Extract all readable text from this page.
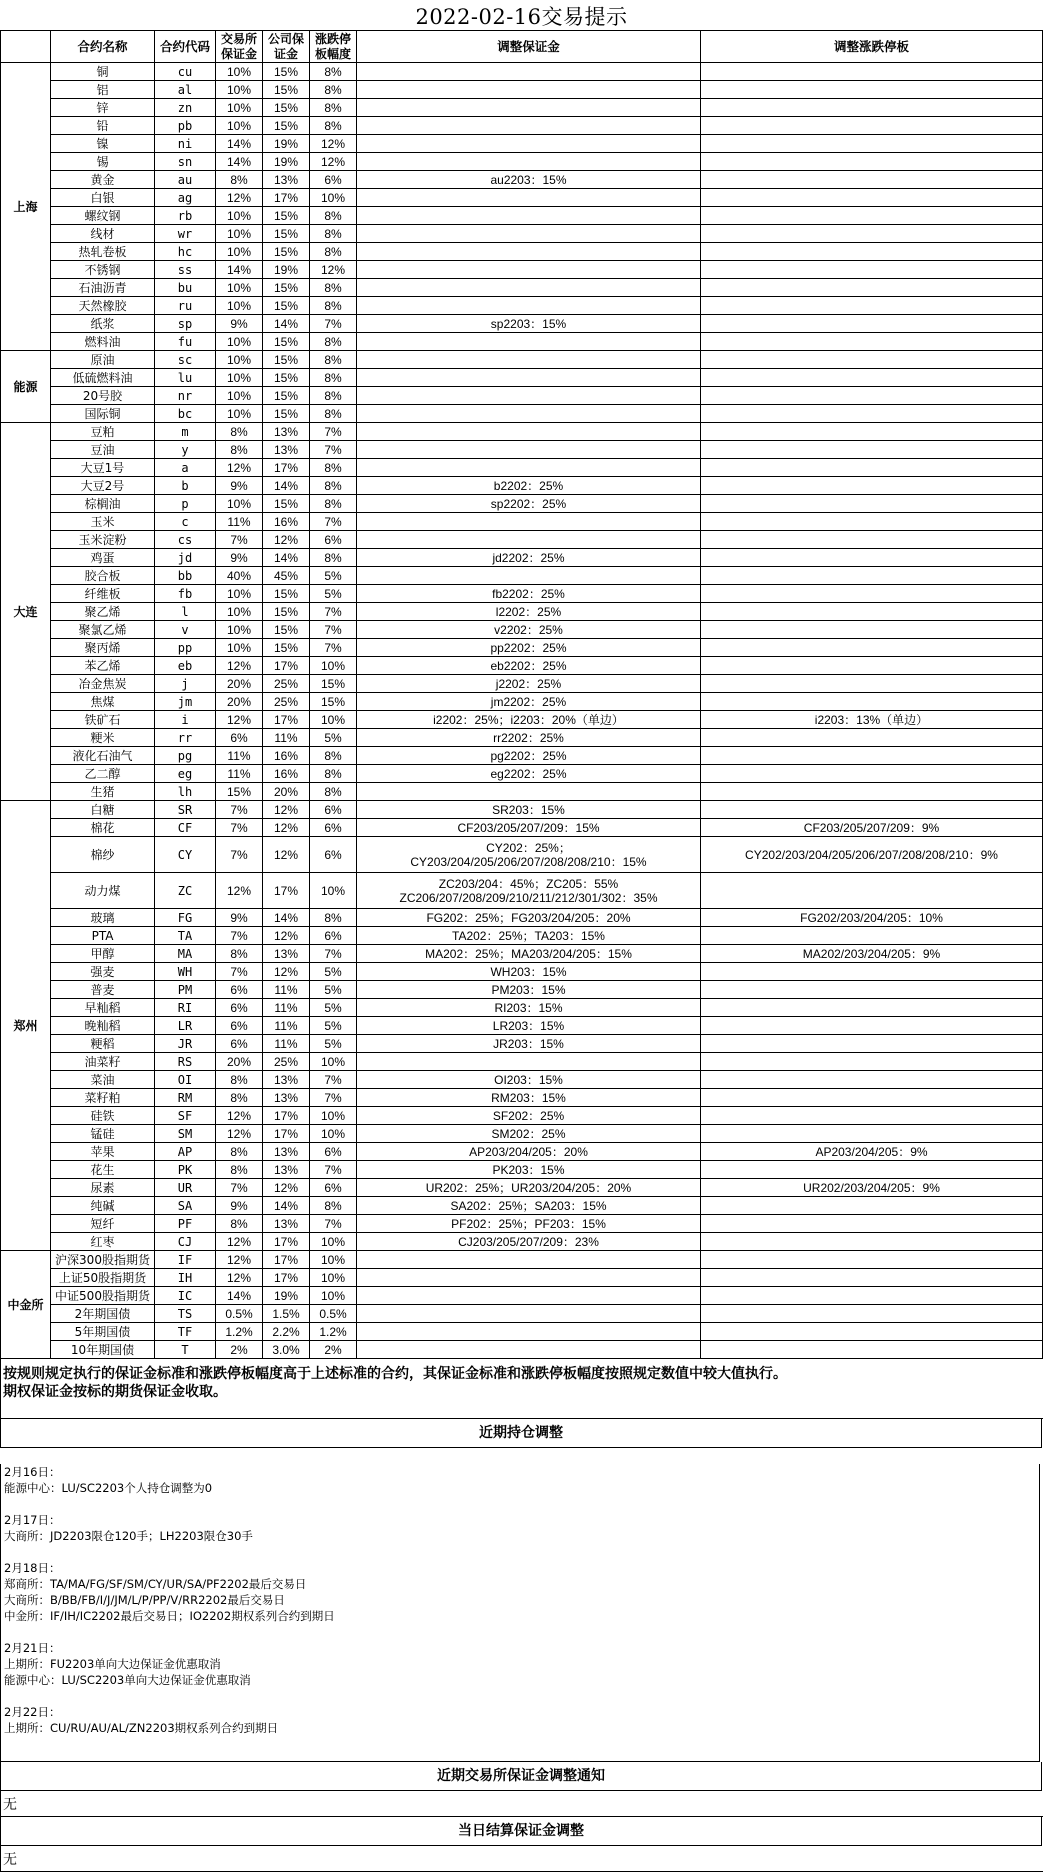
2022-02-16交易提示
	合约名称	合约代码	交易所保证金	公司保证金	涨跌停板幅度	调整保证金	调整涨跌停板
上海	铜	cu	10%	15%	8%		
	铝	al	10%	15%	8%		
	锌	zn	10%	15%	8%		
	铅	pb	10%	15%	8%		
	镍	ni	14%	19%	12%		
	锡	sn	14%	19%	12%		
	黄金	au	8%	13%	6%	au2203：15%	
	白银	ag	12%	17%	10%		
	螺纹钢	rb	10%	15%	8%		
	线材	wr	10%	15%	8%		
	热轧卷板	hc	10%	15%	8%		
	不锈钢	ss	14%	19%	12%		
	石油沥青	bu	10%	15%	8%		
	天然橡胶	ru	10%	15%	8%		
	纸浆	sp	9%	14%	7%	sp2203：15%	
	燃料油	fu	10%	15%	8%		
能源	原油	sc	10%	15%	8%		
	低硫燃料油	lu	10%	15%	8%		
	20号胶	nr	10%	15%	8%		
	国际铜	bc	10%	15%	8%		
大连	豆粕	m	8%	13%	7%		
	豆油	y	8%	13%	7%		
	大豆1号	a	12%	17%	8%		
	大豆2号	b	9%	14%	8%	b2202：25%	
	棕榈油	p	10%	15%	8%	sp2202：25%	
	玉米	c	11%	16%	7%		
	玉米淀粉	cs	7%	12%	6%		
	鸡蛋	jd	9%	14%	8%	jd2202：25%	
	胶合板	bb	40%	45%	5%		
	纤维板	fb	10%	15%	5%	fb2202：25%	
	聚乙烯	l	10%	15%	7%	l2202：25%	
	聚氯乙烯	v	10%	15%	7%	v2202：25%	
	聚丙烯	pp	10%	15%	7%	pp2202：25%	
	苯乙烯	eb	12%	17%	10%	eb2202：25%	
	冶金焦炭	j	20%	25%	15%	j2202：25%	
	焦煤	jm	20%	25%	15%	jm2202：25%	
	铁矿石	i	12%	17%	10%	i2202：25%；i2203：20%（单边）	i2203：13%（单边）
	粳米	rr	6%	11%	5%	rr2202：25%	
	液化石油气	pg	11%	16%	8%	pg2202：25%	
	乙二醇	eg	11%	16%	8%	eg2202：25%	
	生猪	lh	15%	20%	8%		
郑州	白糖	SR	7%	12%	6%	SR203：15%	
	棉花	CF	7%	12%	6%	CF203/205/207/209：15%	CF203/205/207/209：9%
	棉纱	CY	7%	12%	6%	CY202：25%；
CY203/204/205/206/207/208/208/210：15%	CY202/203/204/205/206/207/208/208/210：9%
	动力煤	ZC	12%	17%	10%	ZC203/204：45%；ZC205：55%
ZC206/207/208/209/210/211/212/301/302：35%	
	玻璃	FG	9%	14%	8%	FG202：25%；FG203/204/205：20%	FG202/203/204/205：10%
	PTA	TA	7%	12%	6%	TA202：25%；TA203：15%	
	甲醇	MA	8%	13%	7%	MA202：25%；MA203/204/205：15%	MA202/203/204/205：9%
	强麦	WH	7%	12%	5%	WH203：15%	
	普麦	PM	6%	11%	5%	PM203：15%	
	早籼稻	RI	6%	11%	5%	RI203：15%	
	晚籼稻	LR	6%	11%	5%	LR203：15%	
	粳稻	JR	6%	11%	5%	JR203：15%	
	油菜籽	RS	20%	25%	10%		
	菜油	OI	8%	13%	7%	OI203：15%	
	菜籽粕	RM	8%	13%	7%	RM203：15%	
	硅铁	SF	12%	17%	10%	SF202：25%	
	锰硅	SM	12%	17%	10%	SM202：25%	
	苹果	AP	8%	13%	6%	AP203/204/205：20%	AP203/204/205：9%
	花生	PK	8%	13%	7%	PK203：15%	
	尿素	UR	7%	12%	6%	UR202：25%；UR203/204/205：20%	UR202/203/204/205：9%
	纯碱	SA	9%	14%	8%	SA202：25%；SA203：15%	
	短纤	PF	8%	13%	7%	PF202：25%；PF203：15%	
	红枣	CJ	12%	17%	10%	CJ203/205/207/209：23%	
中金所	沪深300股指期货	IF	12%	17%	10%		
	上证50股指期货	IH	12%	17%	10%		
	中证500股指期货	IC	14%	19%	10%		
	2年期国债	TS	0.5%	1.5%	0.5%		
	5年期国债	TF	1.2%	2.2%	1.2%		
	10年期国债	T	2%	3.0%	2%		
按规则规定执行的保证金标准和涨跌停板幅度高于上述标准的合约，其保证金标准和涨跌停板幅度按照规定数值中较大值执行。
期权保证金按标的期货保证金收取。
近期持仓调整
2月16日：
能源中心：LU/SC2203个人持仓调整为0
2月17日：
大商所：JD2203限仓120手；LH2203限仓30手
2月18日：
郑商所：TA/MA/FG/SF/SM/CY/UR/SA/PF2202最后交易日
大商所：B/BB/FB/I/J/JM/L/P/PP/V/RR2202最后交易日
中金所：IF/IH/IC2202最后交易日；IO2202期权系列合约到期日
2月21日：
上期所：FU2203单向大边保证金优惠取消
能源中心：LU/SC2203单向大边保证金优惠取消
2月22日：
上期所：CU/RU/AU/AL/ZN2203期权系列合约到期日
近期交易所保证金调整通知
无
当日结算保证金调整
无
